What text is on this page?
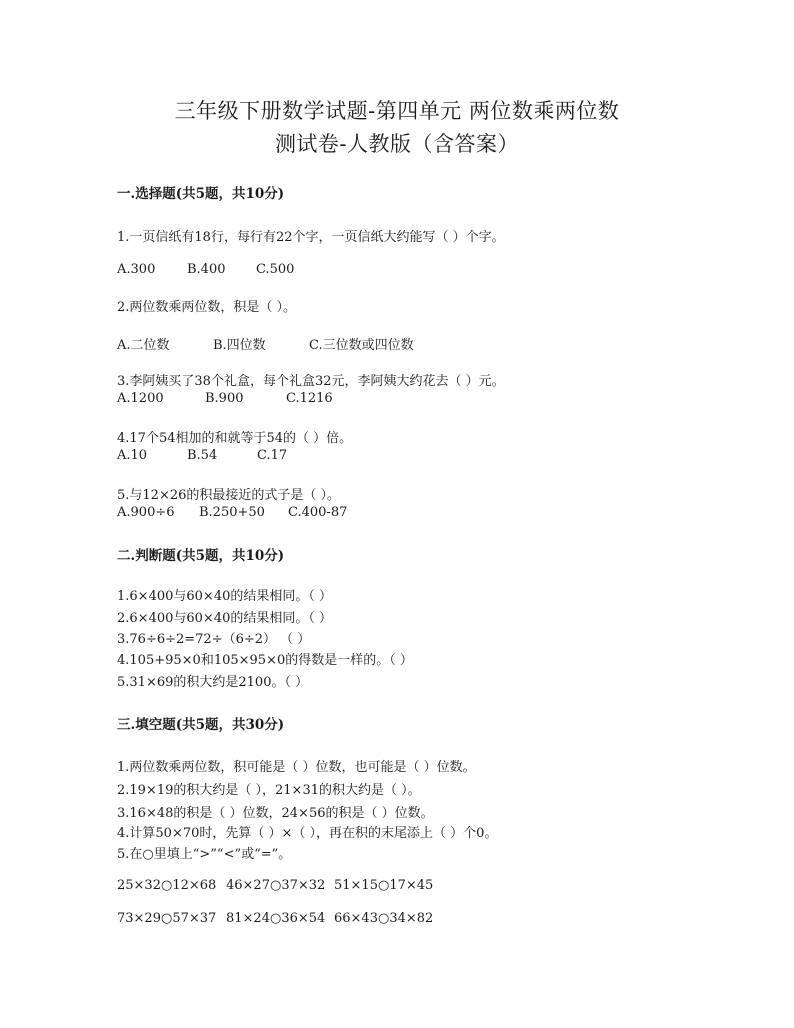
三年级下册数学试题-第四单元 两位数乘两位数
测试卷-人教版（含答案）
一.选择题(共5题，共10分)
1.一页信纸有18行，每行有22个字，一页信纸大约能写（ ）个字。
A.300 B.400 C.500
2.两位数乘两位数，积是（ ）。
A.二位数	B.四位数	C.三位数或四位数
3.李阿姨买了38个礼盒，每个礼盒32元，李阿姨大约花去（ ）元。
A.1200	B.900	C.1216
4.17个54相加的和就等于54的（ ）倍。
A.10	B.54	C.17
5.与12×26的积最接近的式子是（ ）。
A.900÷6 B.250+50 C.400-87
二.判断题(共5题，共10分)
1.6×400与60×40的结果相同。（ ）
2.6×400与60×40的结果相同。（ ）
3.76÷6÷2=72÷（6÷2） （ ）
4.105+95×0和105×95×0的得数是一样的。（ ）
5.31×69的积大约是2100。（ ）
三.填空题(共5题，共30分)
1.两位数乘两位数，积可能是（ ）位数，也可能是（ ）位数。
2.19×19的积大约是（ ），21×31的积大约是（ ）。
3.16×48的积是（ ）位数，24×56的积是（ ）位数。
4.计算50×70时，先算（ ）×（ ），再在积的末尾添上（ ）个0。
5.在○里填上“>”“<”或“=”。
25×32○12×68 46×27○37×32 51×15○17×45
73×29○57×37 81×24○36×54 66×43○34×82
